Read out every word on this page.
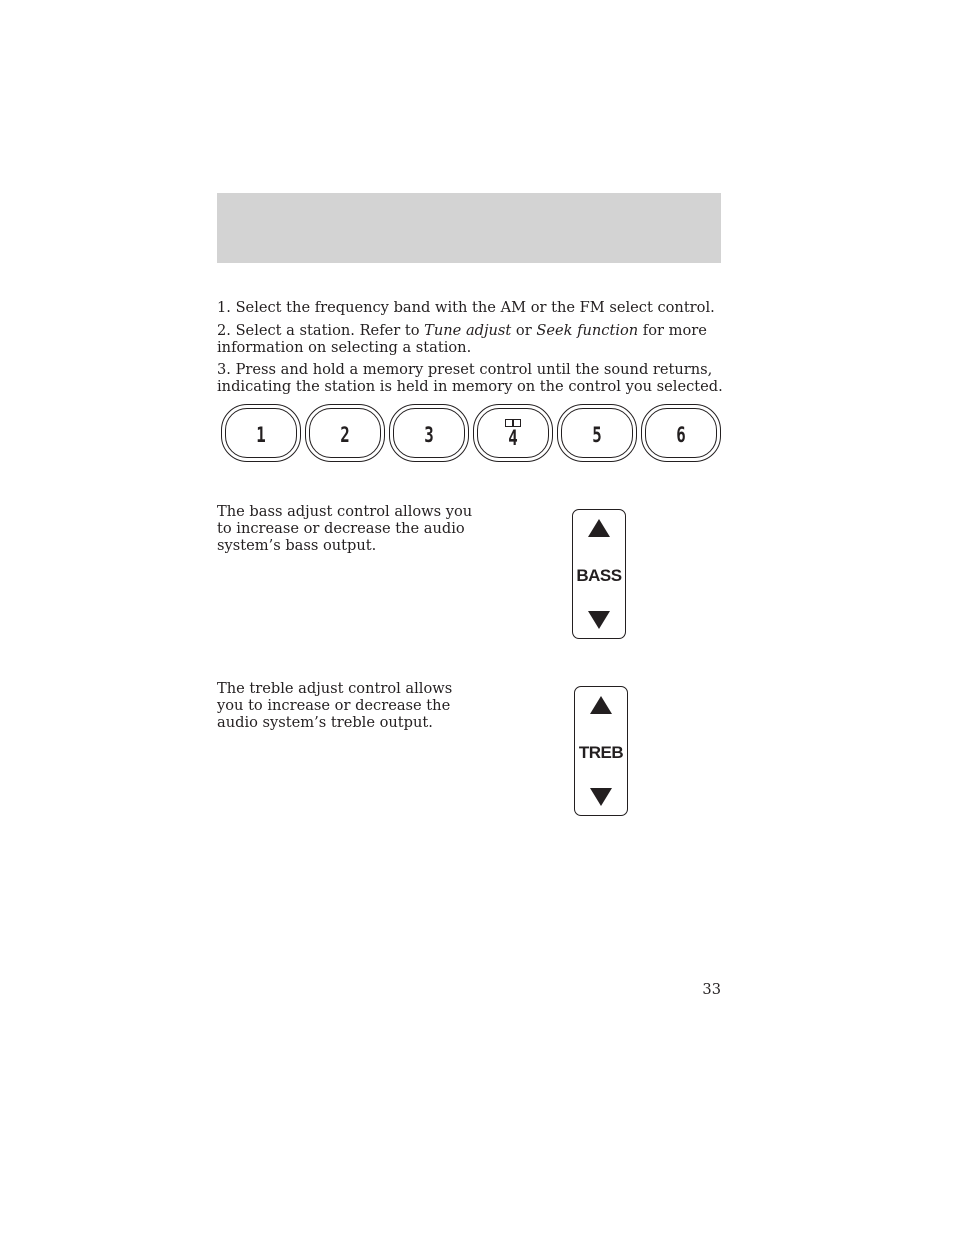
1. Select the frequency band with the AM or the FM select control.

2. Select a station. Refer to Tune adjust or Seek function for more information on selecting a station.

3. Press and hold a memory preset control until the sound returns, indicating the station is held in memory on the control you selected.

1	2	3	4	5	6

The bass adjust control allows you to increase or decrease the audio system’s bass output.

BASS

The treble adjust control allows you to increase or decrease the audio system’s treble output.

TREB
33
